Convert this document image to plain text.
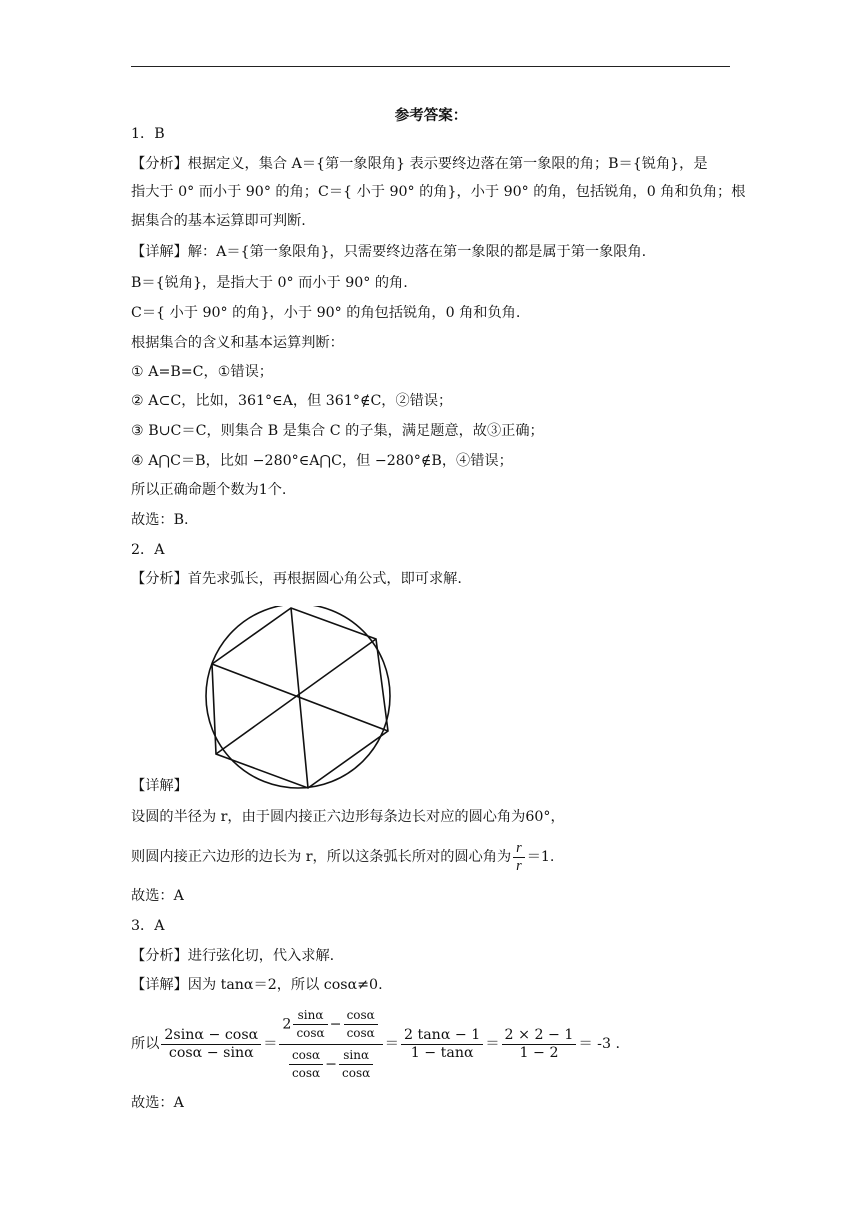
参考答案：
1．B
【分析】根据定义，集合 A＝{第一象限角} 表示要终边落在第一象限的角；B＝{锐角}，是
指大于 0° 而小于 90° 的角；C＝{ 小于 90° 的角}，小于 90° 的角，包括锐角，0 角和负角；根
据集合的基本运算即可判断.
【详解】解：A＝{第一象限角}，只需要终边落在第一象限的都是属于第一象限角.
B＝{锐角}，是指大于 0° 而小于 90° 的角.
C＝{ 小于 90° 的角}，小于 90° 的角包括锐角，0 角和负角.
根据集合的含义和基本运算判断：
① A=B=C，①错误；
② A⊂C，比如，361°∈A，但 361°∉C，②错误；
③ B∪C＝C，则集合 B 是集合 C 的子集，满足题意，故③正确；
④ A⋂C＝B，比如 −280°∈A⋂C，但 −280°∉B，④错误；
所以正确命题个数为1个.
故选：B.
2．A
【分析】首先求弧长，再根据圆心角公式，即可求解.
【详解】
设圆的半径为 r，由于圆内接正六边形每条边长对应的圆心角为60°，
则圆内接正六边形的边长为 r，所以这条弧长所对的圆心角为 $\frac{r}{r} =1$.
故选：A
3．A
【分析】进行弦化切，代入求解.
【详解】因为 tanα＝2，所以 cosα≠0.
所以 $\frac{2\sin\alpha - \cos\alpha}{\cos\alpha - \sin\alpha} = \frac{2 \frac{\sin\alpha}{\cos\alpha} - \frac{\cos\alpha}{\cos\alpha}}{\frac{\cos\alpha}{\cos\alpha} - \frac{\sin\alpha}{\cos\alpha}} = \frac{2 \tan\alpha - 1}{1 - \tan\alpha} = \frac{2 \times 2 - 1}{1 - 2} = -3$ .
故选：A
